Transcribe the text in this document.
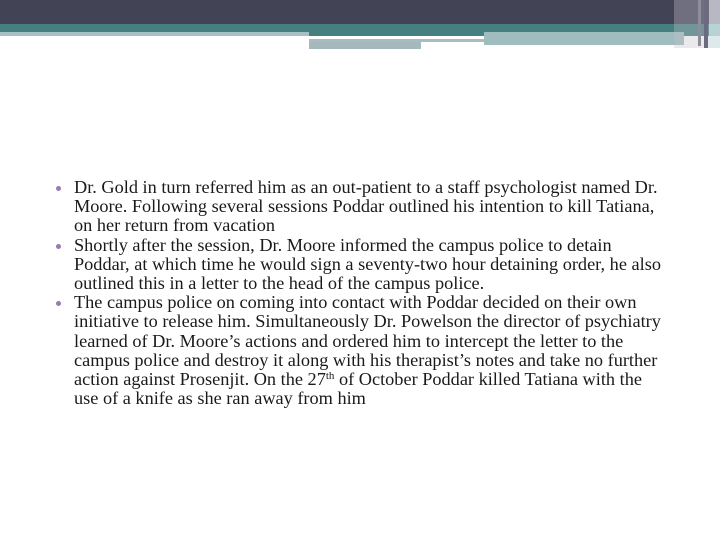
Dr. Gold in turn referred him as an out-patient to a staff psychologist named Dr. Moore. Following several sessions Poddar outlined his intention to kill Tatiana, on her return from vacation
Shortly after the session, Dr. Moore informed the campus police to detain Poddar, at which time he would sign a seventy-two hour detaining order, he also outlined this in a letter to the head of the campus police.
The campus police on coming into contact with Poddar decided on their own initiative to release him. Simultaneously Dr. Powelson the director of psychiatry learned of Dr. Moore’s actions and ordered him to intercept the letter to the campus police and destroy it along with his therapist’s notes and take no further action against Prosenjit. On the 27th of October Poddar killed Tatiana with the use of a knife as she ran away from him
